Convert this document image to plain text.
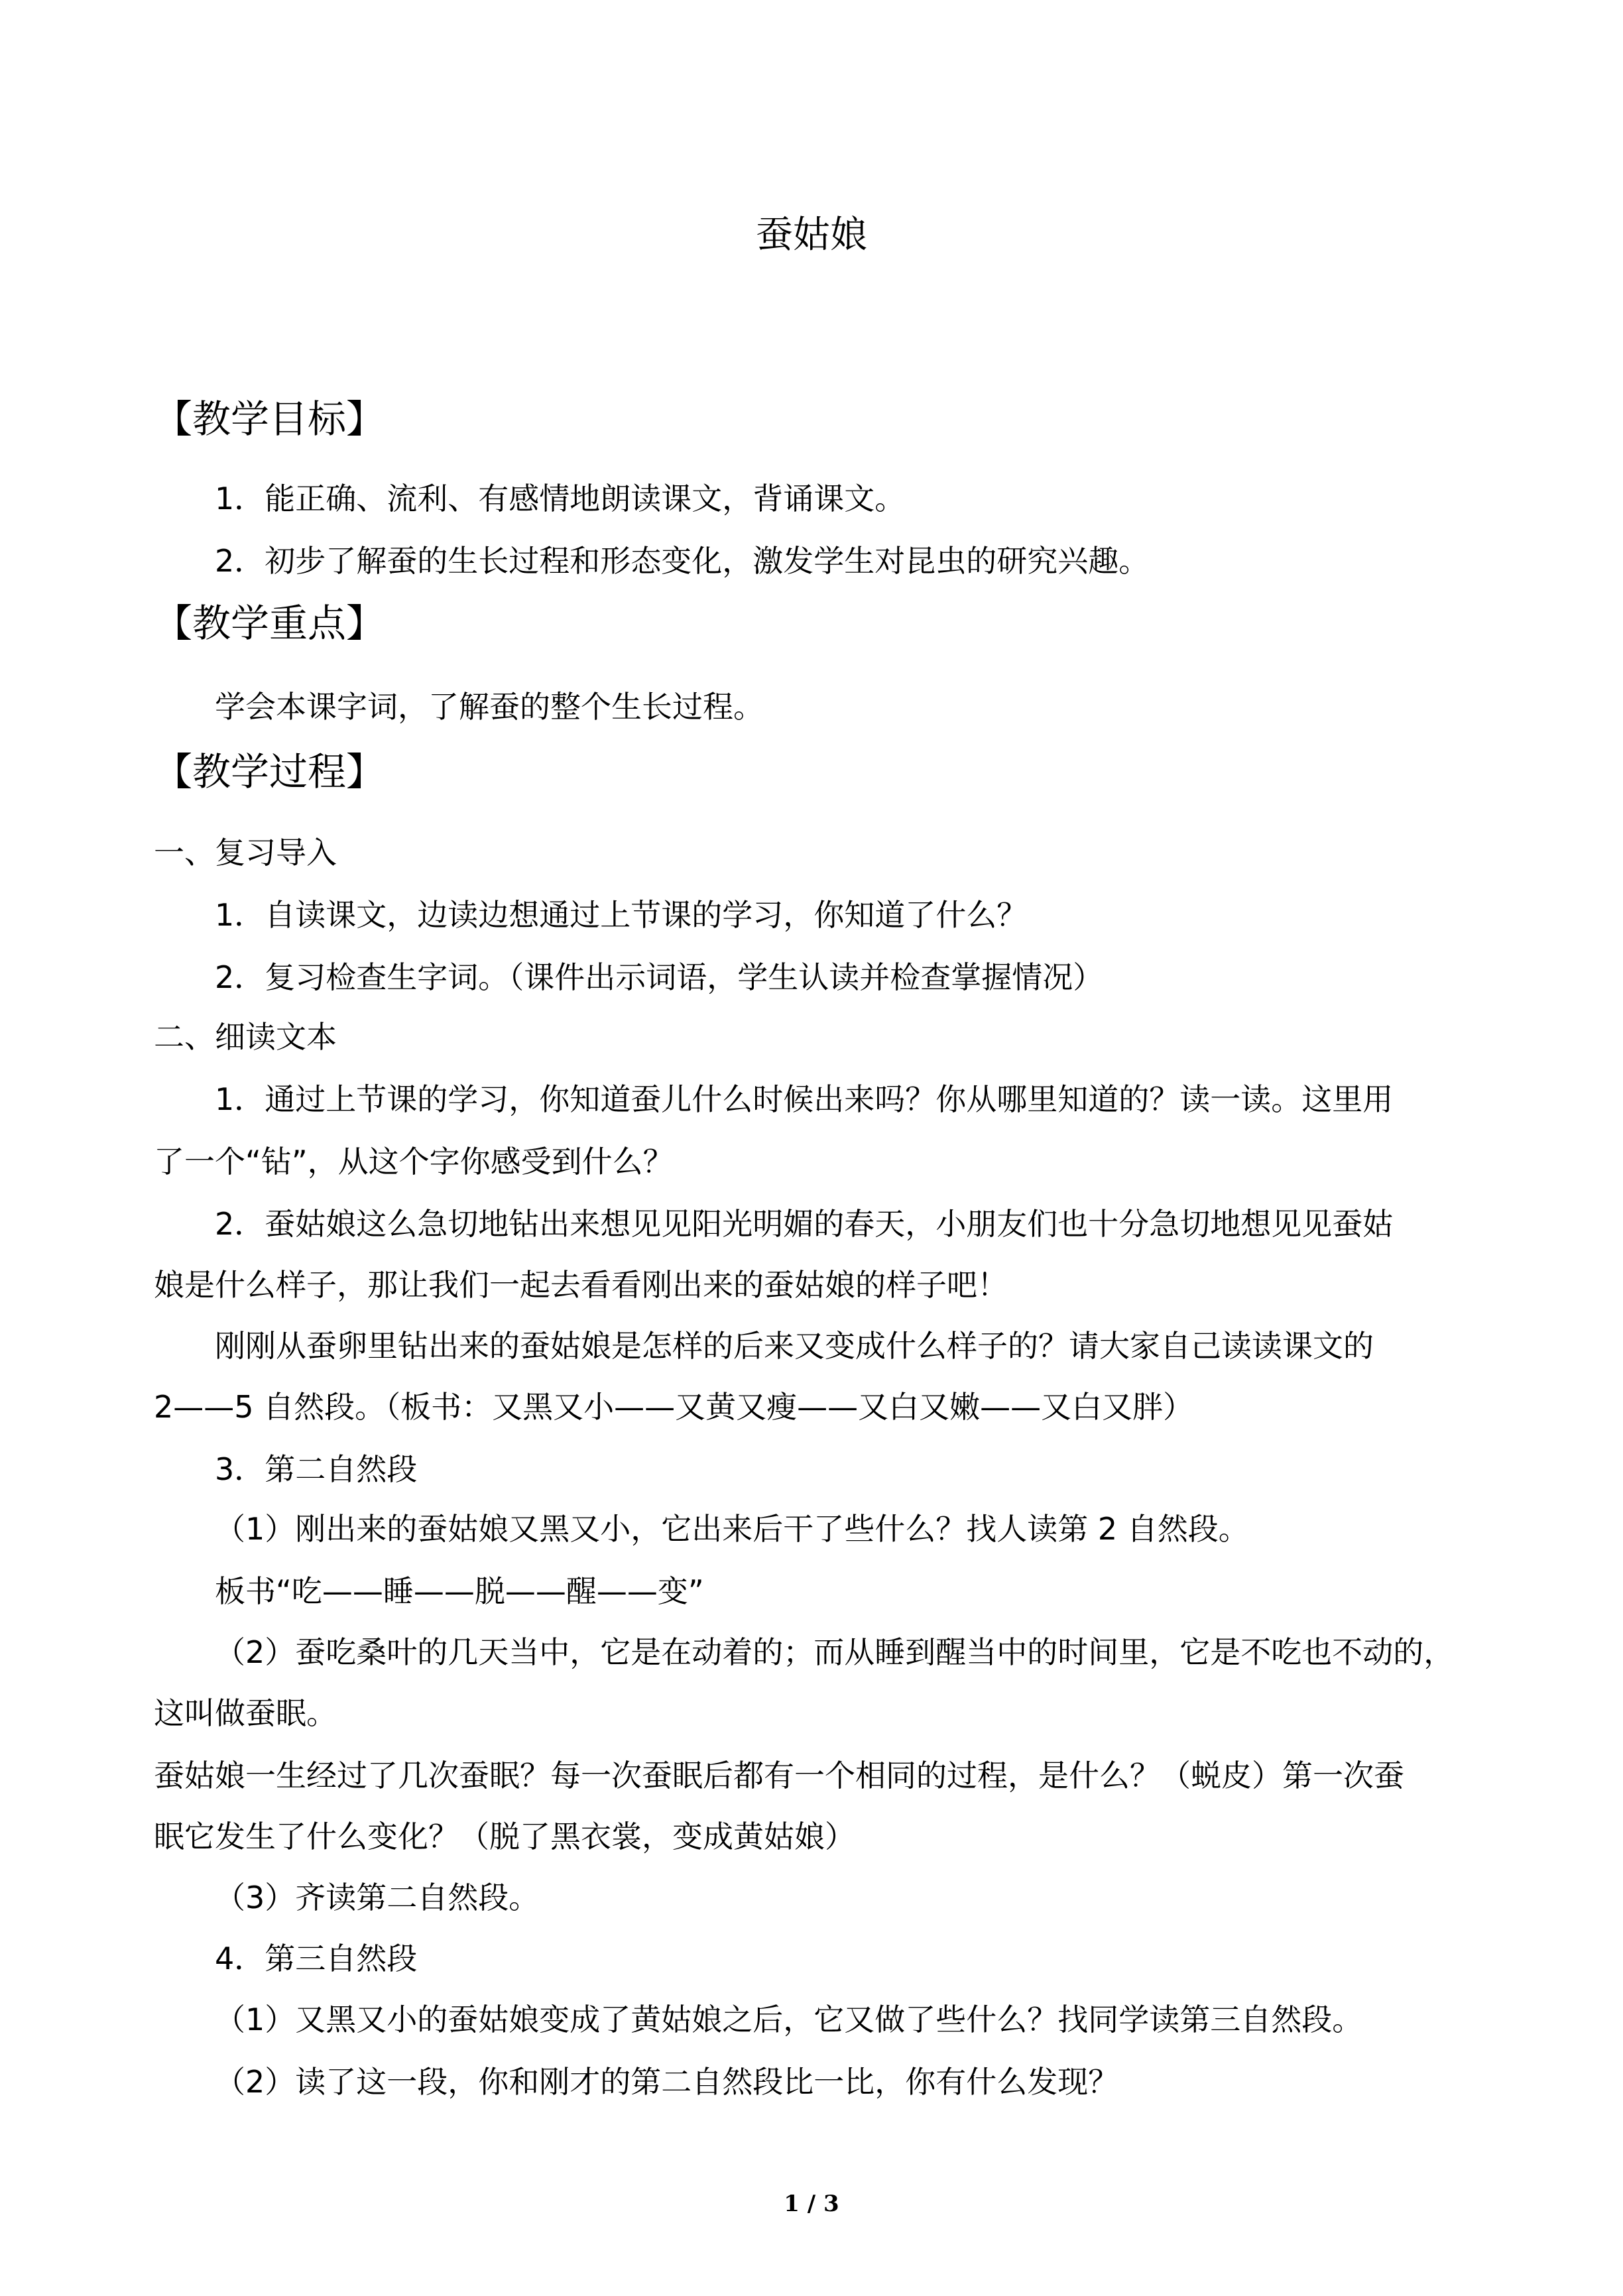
蚕姑娘
【教学目标】
1．能正确、流利、有感情地朗读课文，背诵课文。
2．初步了解蚕的生长过程和形态变化，激发学生对昆虫的研究兴趣。
【教学重点】
学会本课字词，了解蚕的整个生长过程。
【教学过程】
一、复习导入
1．自读课文，边读边想通过上节课的学习，你知道了什么？
2．复习检查生字词。（课件出示词语，学生认读并检查掌握情况）
二、细读文本
1．通过上节课的学习，你知道蚕儿什么时候出来吗？你从哪里知道的？读一读。这里用
了一个“钻”，从这个字你感受到什么？
2．蚕姑娘这么急切地钻出来想见见阳光明媚的春天，小朋友们也十分急切地想见见蚕姑
娘是什么样子，那让我们一起去看看刚出来的蚕姑娘的样子吧！
刚刚从蚕卵里钻出来的蚕姑娘是怎样的后来又变成什么样子的？请大家自己读读课文的
2——5 自然段。（板书：又黑又小——又黄又瘦——又白又嫩——又白又胖）
3．第二自然段
（1）刚出来的蚕姑娘又黑又小，它出来后干了些什么？找人读第 2 自然段。
板书“吃——睡——脱——醒——变”
（2）蚕吃桑叶的几天当中，它是在动着的；而从睡到醒当中的时间里，它是不吃也不动的，
这叫做蚕眠。
蚕姑娘一生经过了几次蚕眠？每一次蚕眠后都有一个相同的过程，是什么？（蜕皮）第一次蚕
眠它发生了什么变化？（脱了黑衣裳，变成黄姑娘）
（3）齐读第二自然段。
4．第三自然段
（1）又黑又小的蚕姑娘变成了黄姑娘之后，它又做了些什么？找同学读第三自然段。
（2）读了这一段，你和刚才的第二自然段比一比，你有什么发现？
1 / 3
